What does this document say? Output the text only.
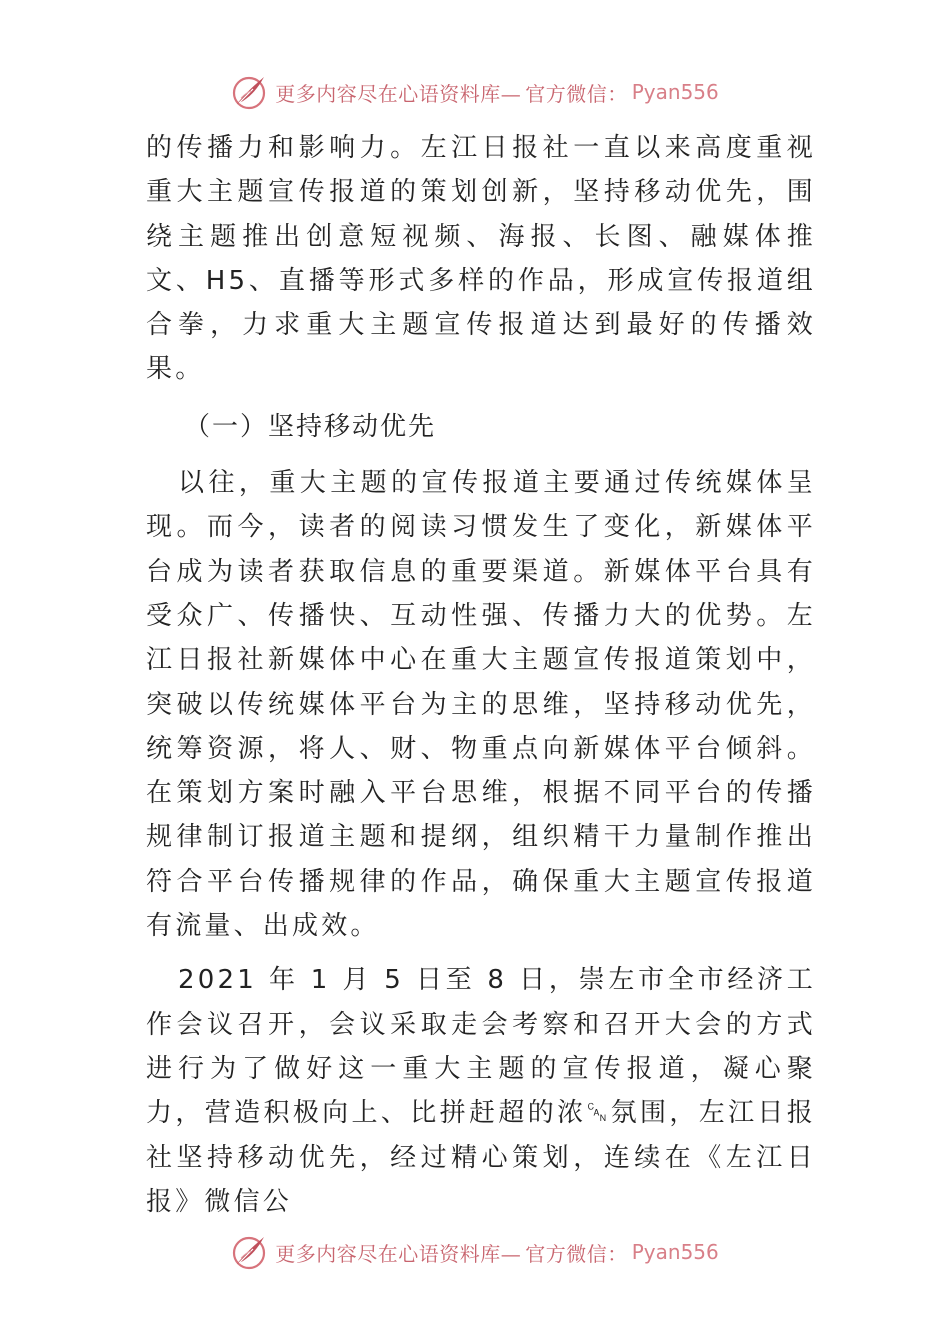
更多内容尽在心语资料库— 官方微信： Pyan556

的传播力和影响力。左江日报社一直以来高度重视重大主题宣传报道的策划创新，坚持移动优先，围绕主题推出创意短视频、海报、长图、融媒体推文、H5、直播等形式多样的作品，形成宣传报道组合拳，力求重大主题宣传报道达到最好的传播效果。

（一）坚持移动优先

以往，重大主题的宣传报道主要通过传统媒体呈现。而今，读者的阅读习惯发生了变化，新媒体平台成为读者获取信息的重要渠道。新媒体平台具有受众广、传播快、互动性强、传播力大的优势。左江日报社新媒体中心在重大主题宣传报道策划中，突破以传统媒体平台为主的思维，坚持移动优先，统筹资源，将人、财、物重点向新媒体平台倾斜。在策划方案时融入平台思维，根据不同平台的传播规律制订报道主题和提纲，组织精干力量制作推出符合平台传播规律的作品，确保重大主题宣传报道有流量、出成效。

2021 年 1 月 5 日至 8 日，崇左市全市经济工作会议召开，会议采取走会考察和召开大会的方式进行为了做好这一重大主题的宣传报道，凝心聚力，营造积极向上、比拼赶超的浓␘氛围，左江日报社坚持移动优先，经过精心策划，连续在《左江日报》微信公

更多内容尽在心语资料库— 官方微信： Pyan556
